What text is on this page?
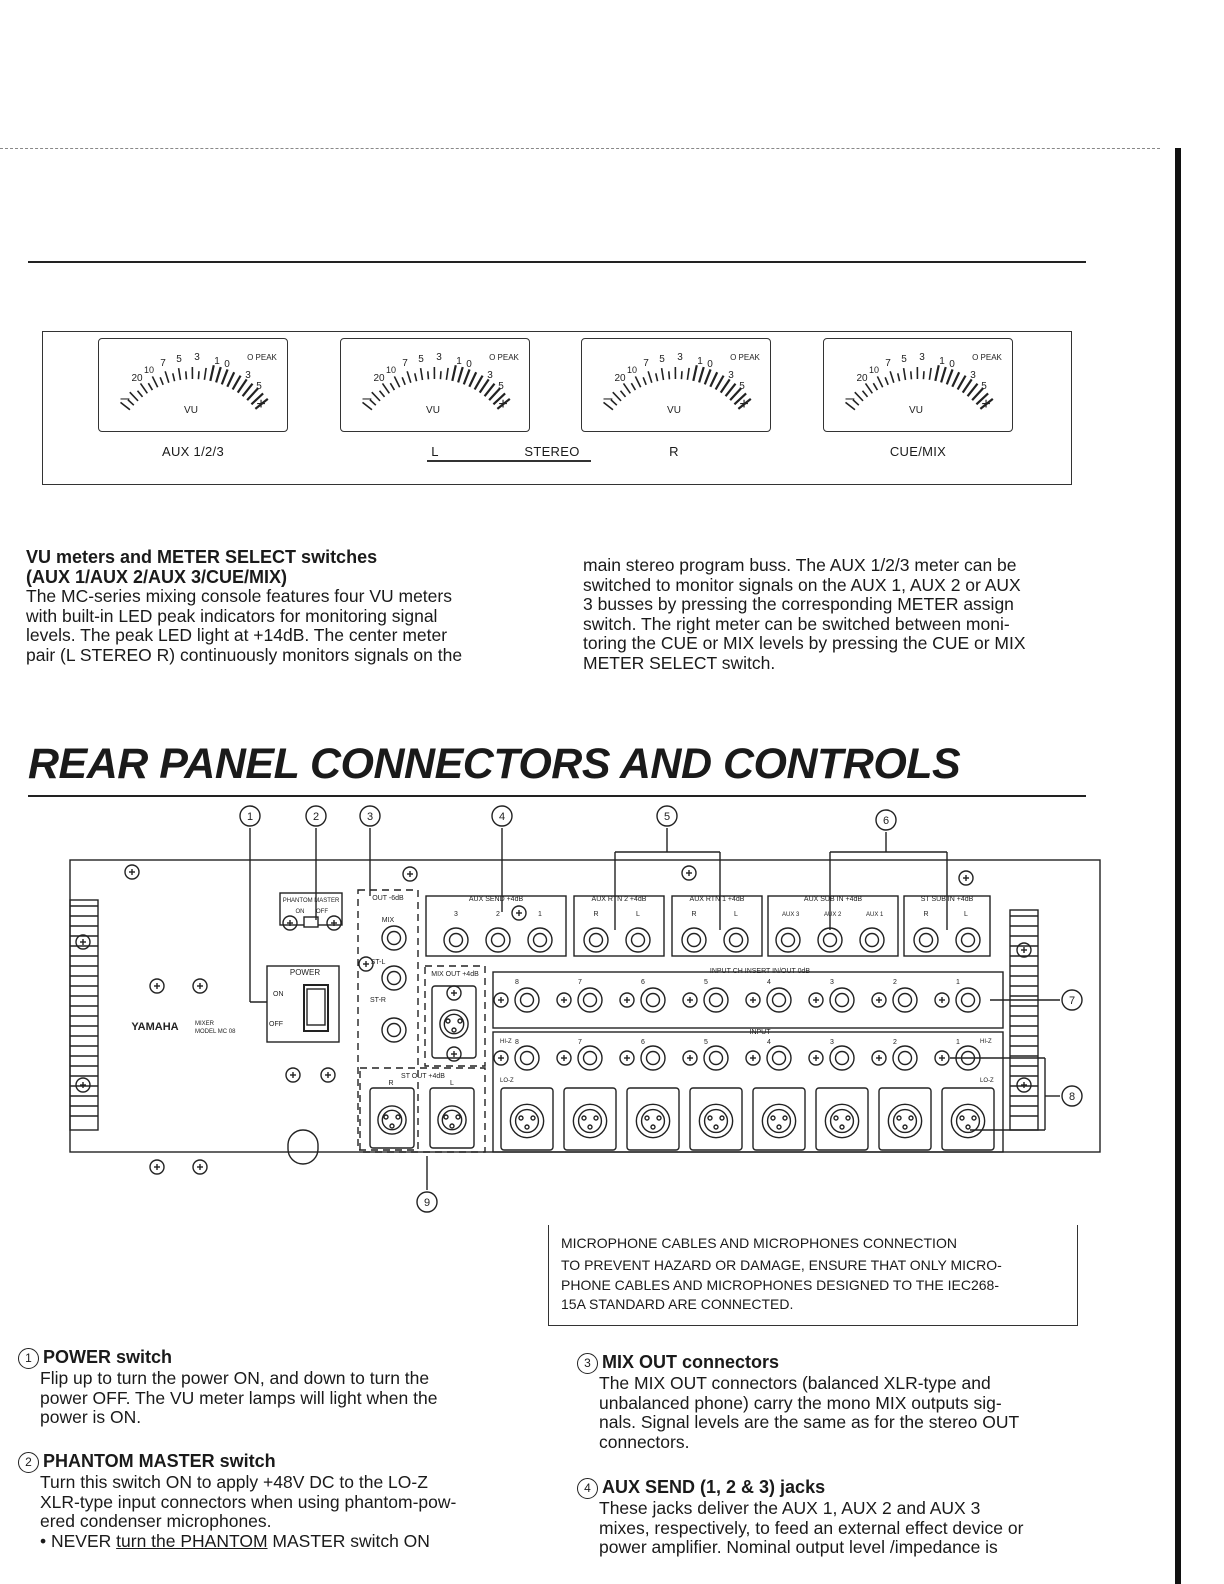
20
10
7 5 3 1 0
3
5
–	+
VU
O PEAK
20
10
7 5 3 1 0
3
5
–	+
VU
O PEAK
20
10
7 5 3 1 0
3
5
–	+
VU
O PEAK
20
10
7 5 3 1 0
3
5
–	+
VU
O PEAK
AUX 1/2/3	L	STEREO	R	CUE/MIX
VU meters and METER SELECT switches
(AUX 1/AUX 2/AUX 3/CUE/MIX)
The MC-series mixing console features four VU meters
with built-in LED peak indicators for monitoring signal
levels. The peak LED light at +14dB. The center meter
pair (L STEREO R) continuously monitors signals on the
main stereo program buss. The AUX 1/2/3 meter can be
switched to monitor signals on the AUX 1, AUX 2 or AUX
3 busses by pressing the corresponding METER assign
switch. The right meter can be switched between moni-
toring the CUE or MIX levels by pressing the CUE or MIX
METER SELECT switch.
REAR PANEL CONNECTORS AND CONTROLS
YAMAHA	MIXER
MODEL MC 08
PHANTOM MASTER
ON OFF
POWER
ON
OFF
OUT -6dB
MIX
ST-L
ST-R
MIX OUT +4dB
ST OUT +4dB
R	L
AUX SEND +4dB
3	2	1
AUX RTN 2 +4dB
R	L
AUX RTN 1 +4dB
R	L
AUX SUB IN +4dB
AUX 3	AUX 2	AUX 1
ST SUB IN +4dB
R	L
INPUT CH INSERT IN/OUT 0dB
INPUT
HI-Z	HI-Z
LO-Z	LO-Z
8
8
7
7
6
6
5
5
4
4
3
3
2
2
1
1
1	2	3	4	5	6
7
8
9
MICROPHONE CABLES AND MICROPHONES CONNECTION
TO PREVENT HAZARD OR DAMAGE, ENSURE THAT ONLY MICRO-
PHONE CABLES AND MICROPHONES DESIGNED TO THE IEC268-
15A STANDARD ARE CONNECTED.
1 POWER switch
Flip up to turn the power ON, and down to turn the
power OFF. The VU meter lamps will light when the
power is ON.
2 PHANTOM MASTER switch
Turn this switch ON to apply +48V DC to the LO-Z
XLR-type input connectors when using phantom-pow-
ered condenser microphones.
• NEVER turn the PHANTOM MASTER switch ON
3 MIX OUT connectors
The MIX OUT connectors (balanced XLR-type and
unbalanced phone) carry the mono MIX outputs sig-
nals. Signal levels are the same as for the stereo OUT
connectors.
4 AUX SEND (1, 2 & 3) jacks
These jacks deliver the AUX 1, AUX 2 and AUX 3
mixes, respectively, to feed an external effect device or
power amplifier. Nominal output level /impedance is
